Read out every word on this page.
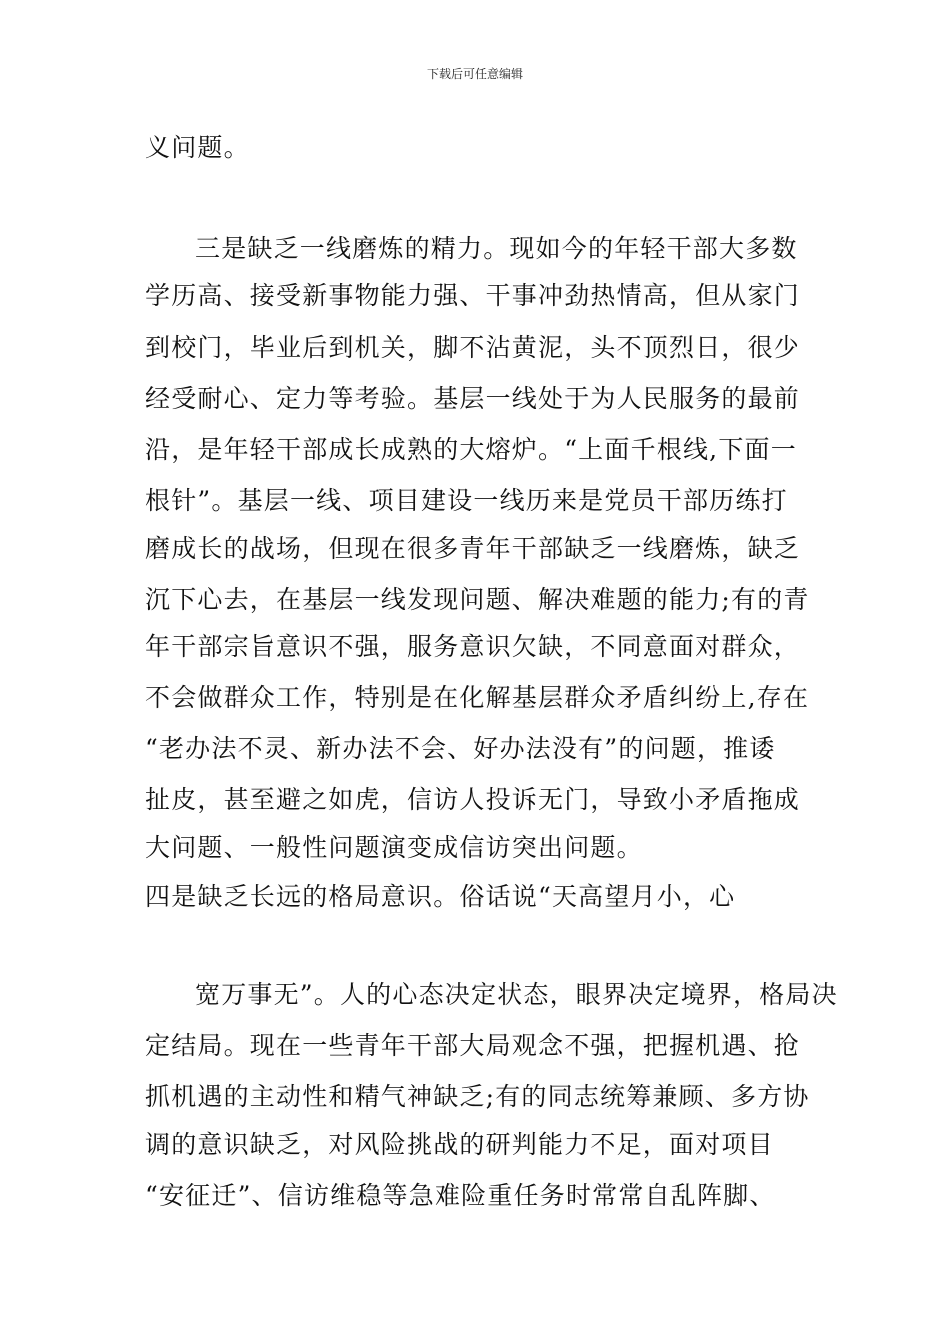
下载后可任意编辑
义问题。
三是缺乏一线磨炼的精力。现如今的年轻干部大多数
学历高、接受新事物能力强、干事冲劲热情高，但从家门
到校门，毕业后到机关，脚不沾黄泥，头不顶烈日，很少
经受耐心、定力等考验。基层一线处于为人民服务的最前
沿，是年轻干部成长成熟的大熔炉。“上面千根线,下面一
根针”。基层一线、项目建设一线历来是党员干部历练打
磨成长的战场，但现在很多青年干部缺乏一线磨炼，缺乏
沉下心去，在基层一线发现问题、解决难题的能力;有的青
年干部宗旨意识不强，服务意识欠缺，不同意面对群众，
不会做群众工作，特别是在化解基层群众矛盾纠纷上,存在
“老办法不灵、新办法不会、好办法没有”的问题，推诿
扯皮，甚至避之如虎，信访人投诉无门，导致小矛盾拖成
大问题、一般性问题演变成信访突出问题。
四是缺乏长远的格局意识。俗话说“天高望月小，心
宽万事无”。人的心态决定状态，眼界决定境界，格局决
定结局。现在一些青年干部大局观念不强，把握机遇、抢
抓机遇的主动性和精气神缺乏;有的同志统筹兼顾、多方协
调的意识缺乏，对风险挑战的研判能力不足，面对项目
“安征迁”、信访维稳等急难险重任务时常常自乱阵脚、
